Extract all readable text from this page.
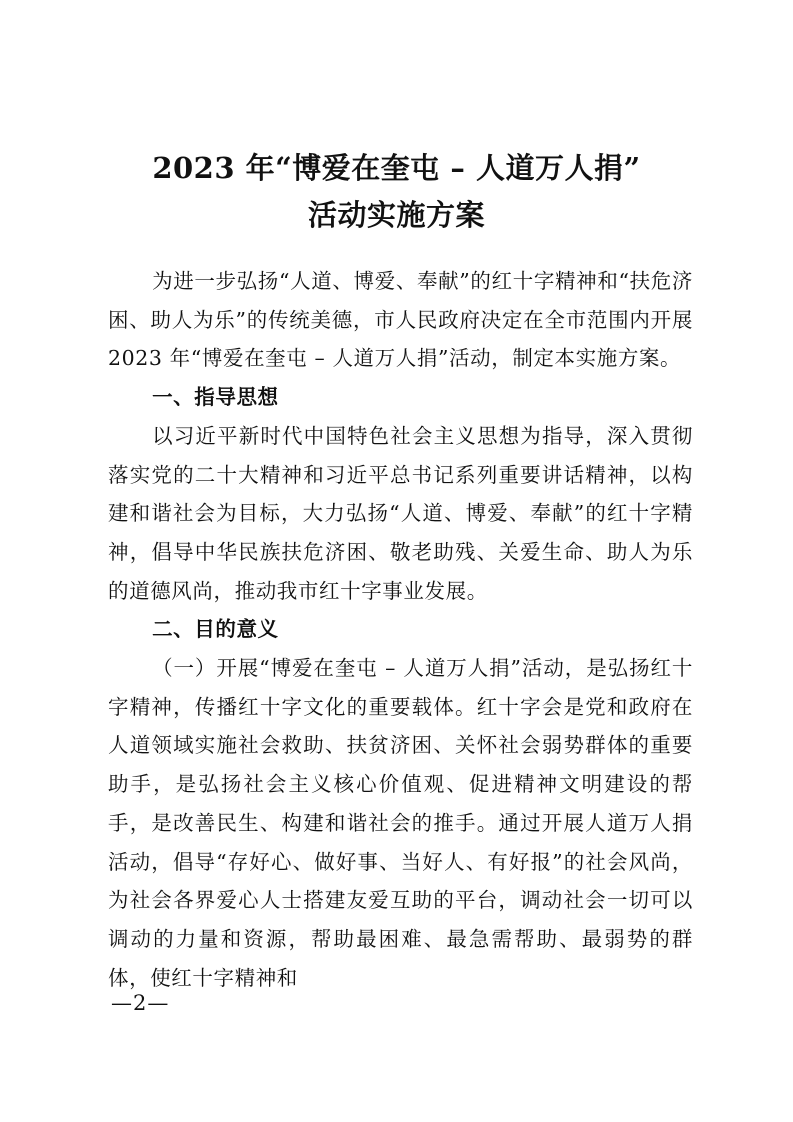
2023 年“博爱在奎屯 – 人道万人捐”
活动实施方案

为进一步弘扬“人道、博爱、奉献”的红十字精神和“扶危济困、助人为乐”的传统美德，市人民政府决定在全市范围内开展 2023 年“博爱在奎屯 – 人道万人捐”活动，制定本实施方案。

一、指导思想

以习近平新时代中国特色社会主义思想为指导，深入贯彻落实党的二十大精神和习近平总书记系列重要讲话精神，以构建和谐社会为目标，大力弘扬“人道、博爱、奉献”的红十字精神，倡导中华民族扶危济困、敬老助残、关爱生命、助人为乐的道德风尚，推动我市红十字事业发展。

二、目的意义

（一）开展“博爱在奎屯 – 人道万人捐”活动，是弘扬红十字精神，传播红十字文化的重要载体。红十字会是党和政府在人道领域实施社会救助、扶贫济困、关怀社会弱势群体的重要助手，是弘扬社会主义核心价值观、促进精神文明建设的帮手，是改善民生、构建和谐社会的推手。通过开展人道万人捐活动，倡导“存好心、做好事、当好人、有好报”的社会风尚，为社会各界爱心人士搭建友爱互助的平台，调动社会一切可以调动的力量和资源，帮助最困难、最急需帮助、最弱势的群体，使红十字精神和

—2—
